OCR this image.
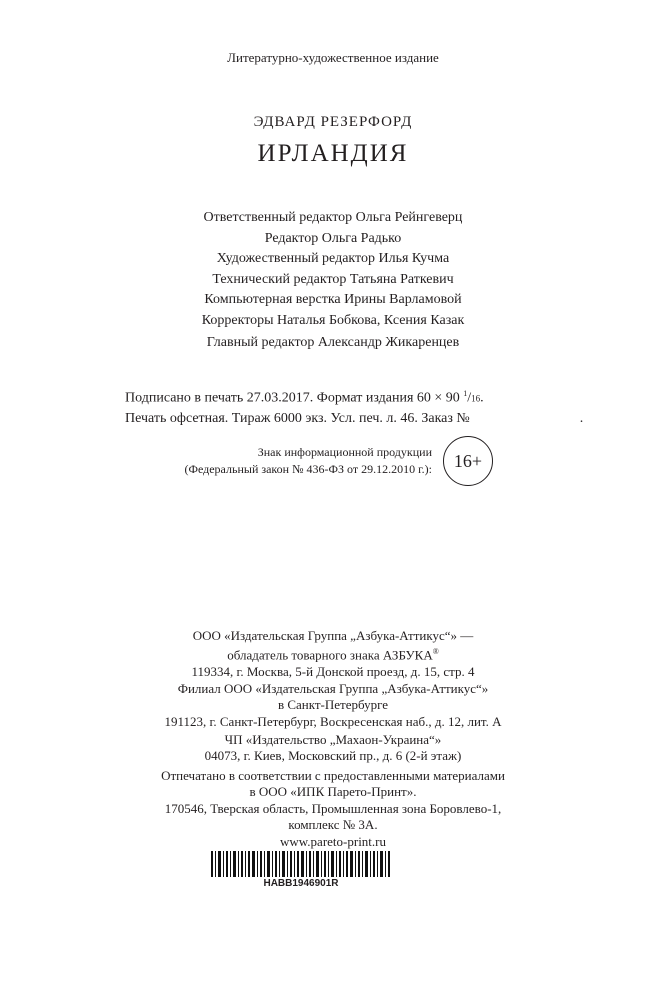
Литературно-художественное издание
ЭДВАРД РЕЗЕРФОРД
ИРЛАНДИЯ
Ответственный редактор Ольга Рейнгеверц
Редактор Ольга Радько
Художественный редактор Илья Кучма
Технический редактор Татьяна Раткевич
Компьютерная верстка Ирины Варламовой
Корректоры Наталья Бобкова, Ксения Казак
Главный редактор Александр Жикаренцев
Подписано в печать 27.03.2017. Формат издания 60 × 90 $^1$/16.
Печать офсетная. Тираж 6000 экз. Усл. печ. л. 46. Заказ №	.
Знак информационной продукции
(Федеральный закон № 436-ФЗ от 29.12.2010 г.):	16+
ООО «Издательская Группа „Азбука-Аттикус“» —
обладатель товарного знака АЗБУКА®
119334, г. Москва, 5-й Донской проезд, д. 15, стр. 4
Филиал ООО «Издательская Группа „Азбука-Аттикус“»
в Санкт-Петербурге
191123, г. Санкт-Петербург, Воскресенская наб., д. 12, лит. А
ЧП «Издательство „Махаон-Украина“»
04073, г. Киев, Московский пр., д. 6 (2-й этаж)
Отпечатано в соответствии с предоставленными материалами
в ООО «ИПК Парето-Принт».
170546, Тверская область, Промышленная зона Боровлево-1,
комплекс № 3А.
www.pareto-print.ru
HABB1946901R
